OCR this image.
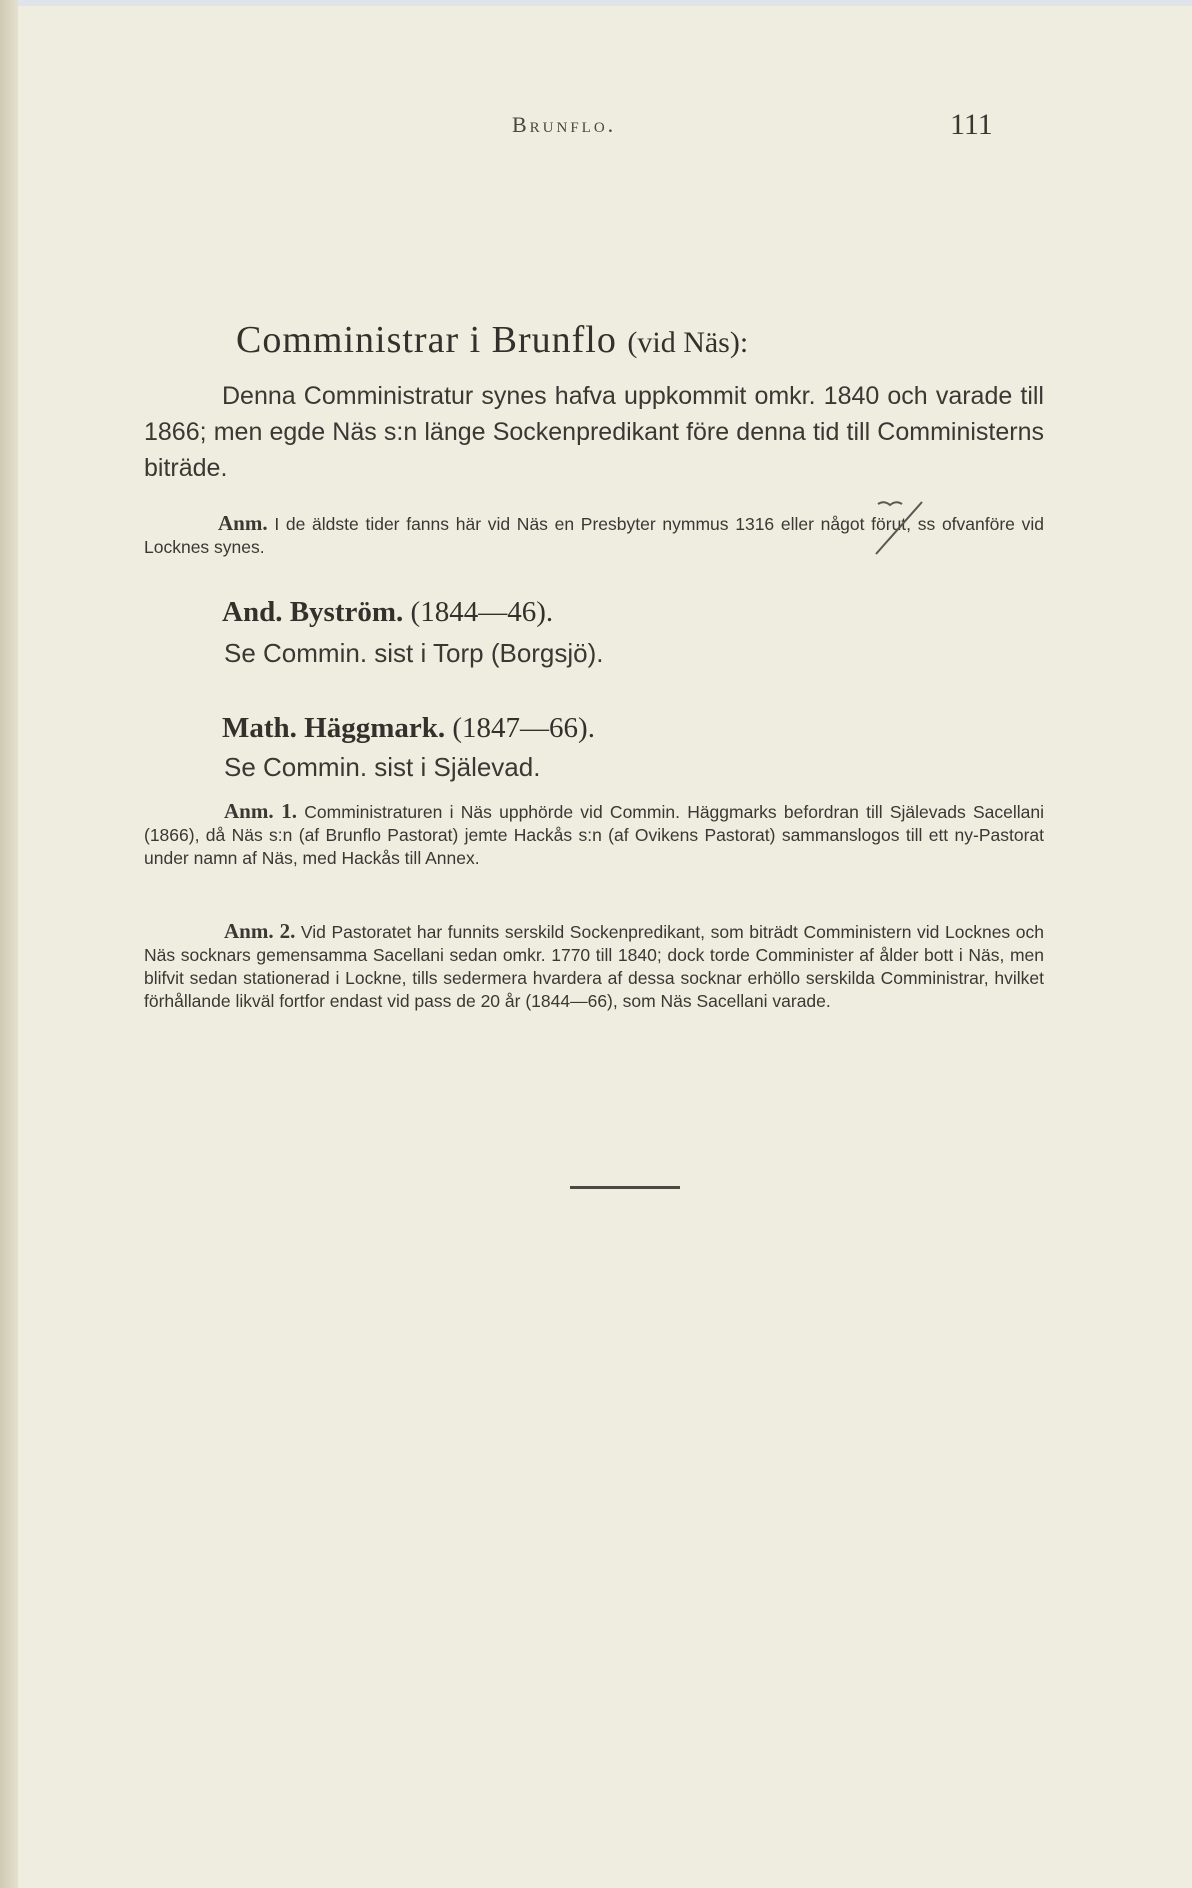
Brunflo.	111
Comministrar i Brunflo (vid Näs):
Denna Comministratur synes hafva uppkommit omkr. 1840 och varade till 1866; men egde Näs s:n länge Sockenpredikant före denna tid till Comministerns biträde.
Anm. I de äldste tider fanns här vid Näs en Presbyter nymmus 1316 eller något förut, ss ofvanföre vid Locknes synes.
And. Byström. (1844—46).
Se Commin. sist i Torp (Borgsjö).
Math. Häggmark. (1847—66).
Se Commin. sist i Själevad.
Anm. 1. Comministraturen i Näs upphörde vid Commin. Häggmarks befordran till Själevads Sacellani (1866), då Näs s:n (af Brunflo Pastorat) jemte Hackås s:n (af Ovikens Pastorat) sammanslogos till ett ny-Pastorat under namn af Näs, med Hackås till Annex.
Anm. 2. Vid Pastoratet har funnits serskild Sockenpredikant, som biträdt Comministern vid Locknes och Näs socknars gemensamma Sacellani sedan omkr. 1770 till 1840; dock torde Comminister af ålder bott i Näs, men blifvit sedan stationerad i Lockne, tills sedermera hvardera af dessa socknar erhöllo serskilda Comministrar, hvilket förhållande likväl fortfor endast vid pass de 20 år (1844—66), som Näs Sacellani varade.
